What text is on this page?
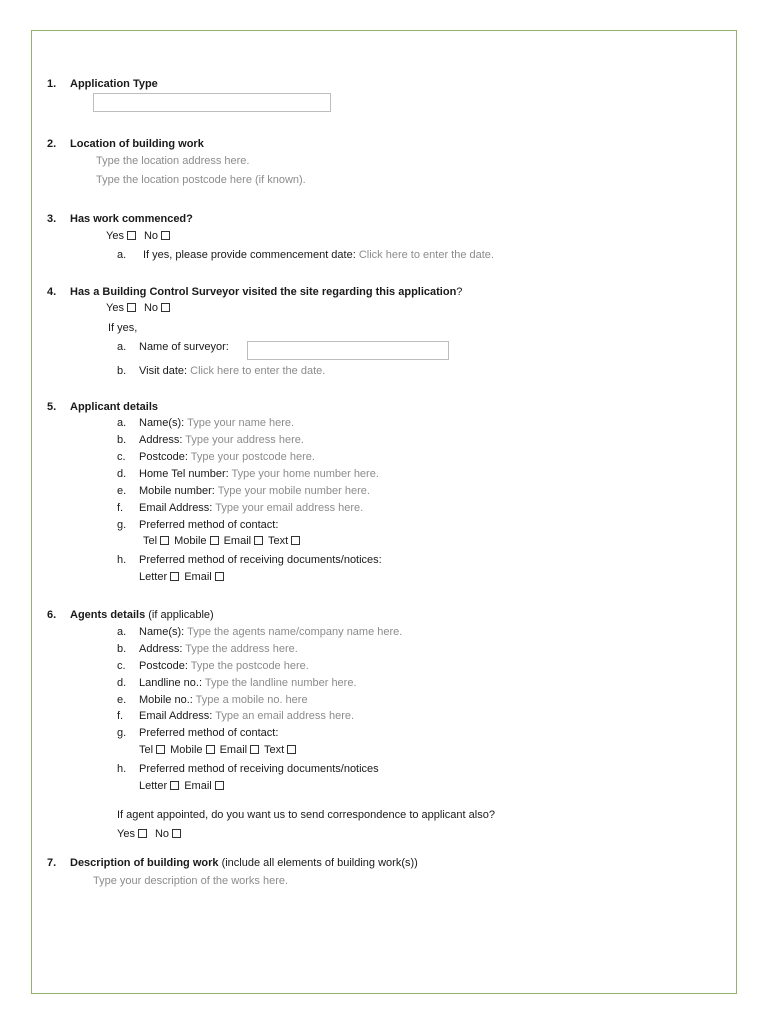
1. Application Type
2. Location of building work
Type the location address here.
Type the location postcode here (if known).
3. Has work commenced?
Yes No
a. If yes, please provide commencement date: Click here to enter the date.
4. Has a Building Control Surveyor visited the site regarding this application?
Yes No
If yes,
a. Name of surveyor:
b. Visit date: Click here to enter the date.
5. Applicant details
a. Name(s): Type your name here.
b. Address: Type your address here.
c. Postcode: Type your postcode here.
d. Home Tel number: Type your home number here.
e. Mobile number: Type your mobile number here.
f. Email Address: Type your email address here.
g. Preferred method of contact:
Tel Mobile Email Text
h. Preferred method of receiving documents/notices:
Letter Email
6. Agents details (if applicable)
a. Name(s): Type the agents name/company name here.
b. Address: Type the address here.
c. Postcode: Type the postcode here.
d. Landline no.: Type the landline number here.
e. Mobile no.: Type a mobile no. here
f. Email Address: Type an email address here.
g. Preferred method of contact:
Tel Mobile Email Text
h. Preferred method of receiving documents/notices
Letter Email
If agent appointed, do you want us to send correspondence to applicant also?
Yes No
7. Description of building work (include all elements of building work(s))
Type your description of the works here.
